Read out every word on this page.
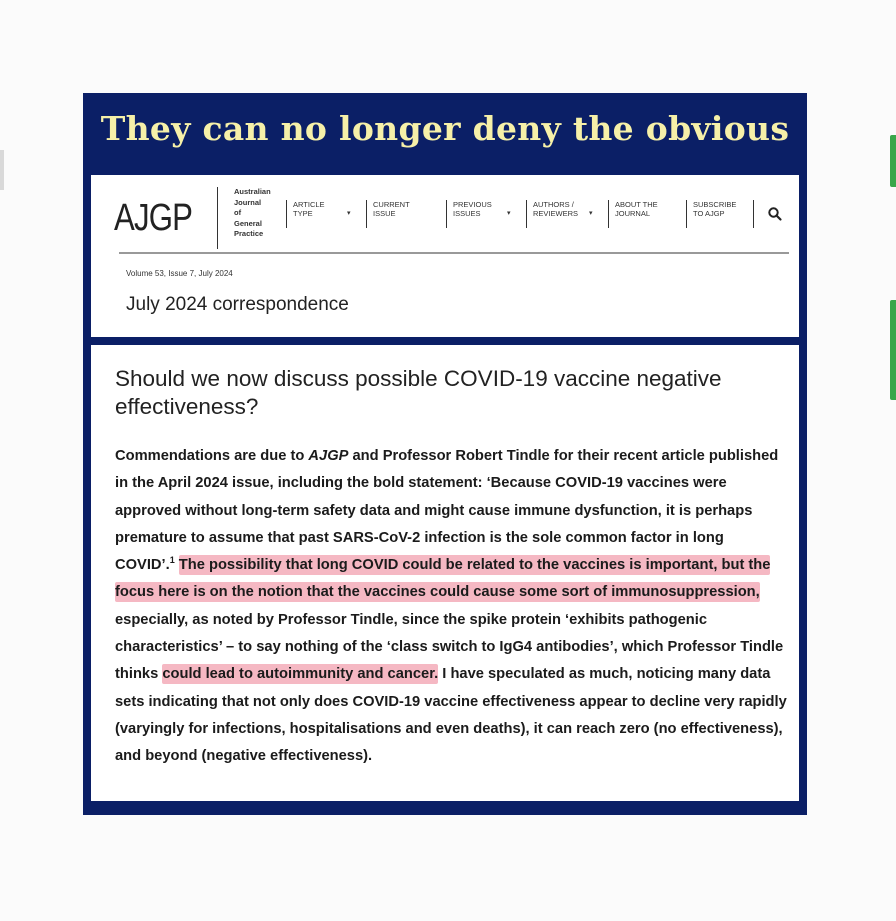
They can no longer deny the obvious
AJGP
Australian
Journal
of
General
Practice
ARTICLE
TYPE	▾
CURRENT
ISSUE
PREVIOUS
ISSUES	▾
AUTHORS /
REVIEWERS	▾
ABOUT THE
JOURNAL
SUBSCRIBE
TO AJGP
Volume 53, Issue 7, July 2024
July 2024 correspondence
Should we now discuss possible COVID-19 vaccine negative effectiveness?
Commendations are due to AJGP and Professor Robert Tindle for their recent article published in the April 2024 issue, including the bold statement: ‘Because COVID-19 vaccines were approved without long-term safety data and might cause immune dysfunction, it is perhaps premature to assume that past SARS-CoV-2 infection is the sole common factor in long COVID’.$^1$ The possibility that long COVID could be related to the vaccines is important, but the focus here is on the notion that the vaccines could cause some sort of immunosuppression, especially, as noted by Professor Tindle, since the spike protein ‘exhibits pathogenic characteristics’ – to say nothing of the ‘class switch to IgG4 antibodies’, which Professor Tindle thinks could lead to autoimmunity and cancer. I have speculated as much, noticing many data sets indicating that not only does COVID-19 vaccine effectiveness appear to decline very rapidly (varyingly for infections, hospitalisations and even deaths), it can reach zero (no effectiveness), and beyond (negative effectiveness).
